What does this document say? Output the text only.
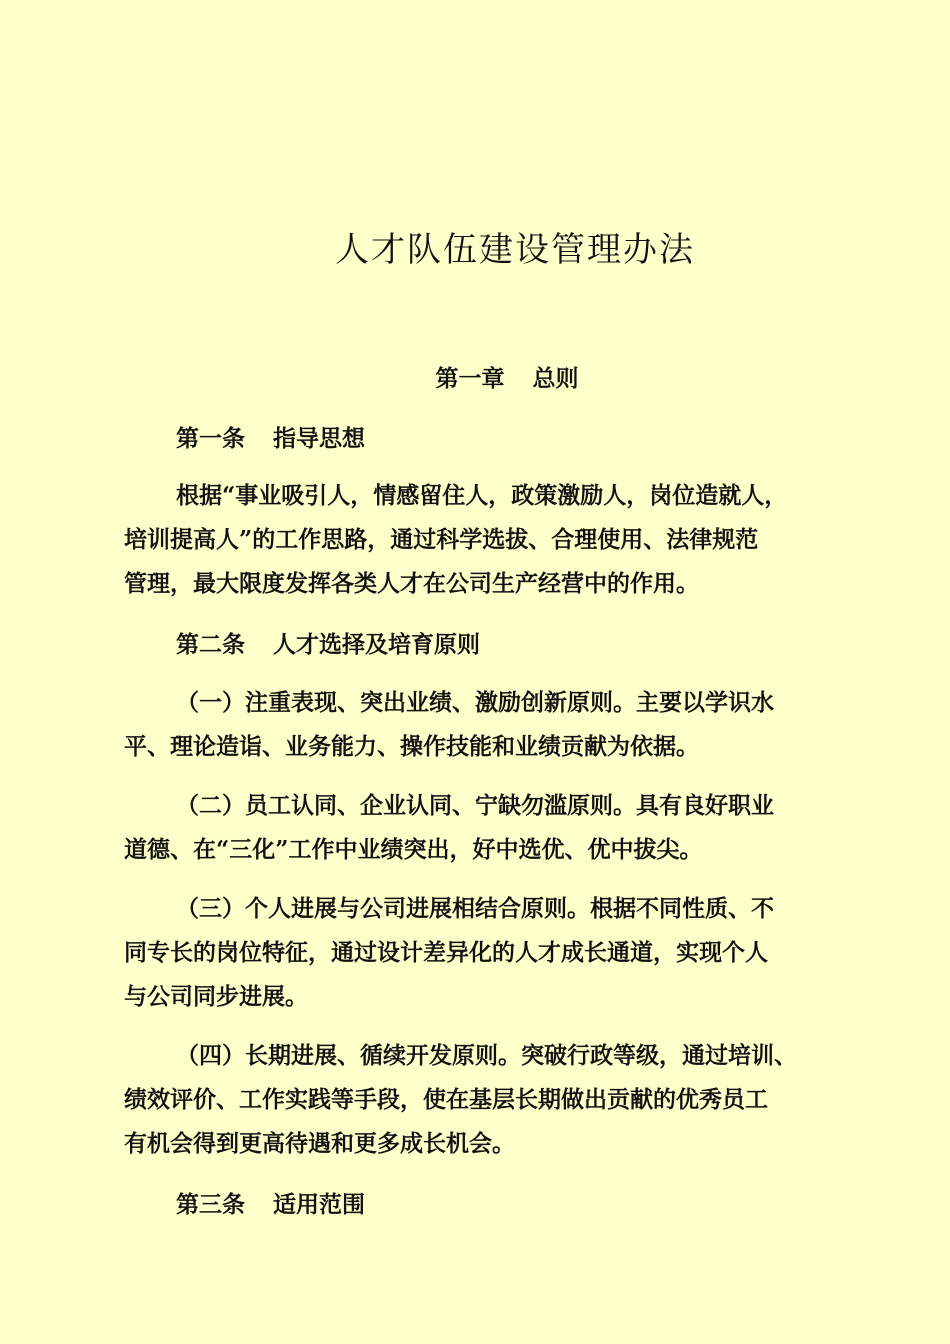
人才队伍建设管理办法
第一章 总则
第一条 指导思想
根据“事业吸引人，情感留住人，政策激励人，岗位造就人，
培训提高人”的工作思路，通过科学选拔、合理使用、法律规范
管理，最大限度发挥各类人才在公司生产经营中的作用。
第二条 人才选择及培育原则
（一）注重表现、突出业绩、激励创新原则。主要以学识水
平、理论造诣、业务能力、操作技能和业绩贡献为依据。
（二）员工认同、企业认同、宁缺勿滥原则。具有良好职业
道德、在“三化”工作中业绩突出，好中选优、优中拔尖。
（三）个人进展与公司进展相结合原则。根据不同性质、不
同专长的岗位特征，通过设计差异化的人才成长通道，实现个人
与公司同步进展。
（四）长期进展、循续开发原则。突破行政等级，通过培训、
绩效评价、工作实践等手段，使在基层长期做出贡献的优秀员工
有机会得到更高待遇和更多成长机会。
第三条 适用范围
